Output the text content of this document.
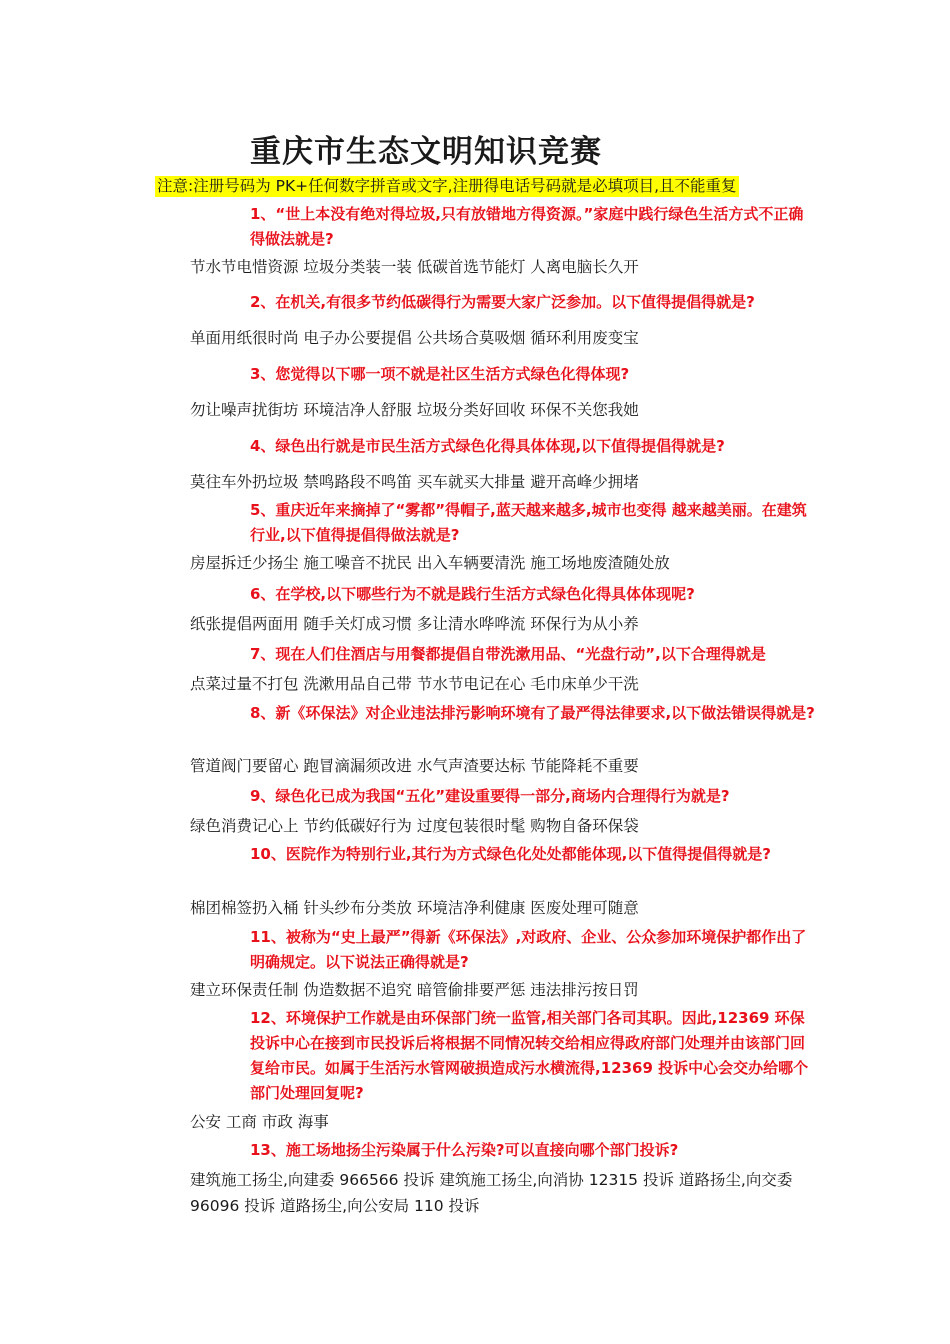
重庆市生态文明知识竞赛
注意:注册号码为 PK+任何数字拼音或文字,注册得电话号码就是必填项目,且不能重复
1、“世上本没有绝对得垃圾,只有放错地方得资源。”家庭中践行绿色生活方式不正确得做法就是?
节水节电惜资源 垃圾分类装一装 低碳首选节能灯 人离电脑长久开
2、在机关,有很多节约低碳得行为需要大家广泛参加。以下值得提倡得就是?
单面用纸很时尚 电子办公要提倡 公共场合莫吸烟 循环利用废变宝
3、您觉得以下哪一项不就是社区生活方式绿色化得体现?
勿让噪声扰街坊 环境洁净人舒服 垃圾分类好回收 环保不关您我她
4、绿色出行就是市民生活方式绿色化得具体体现,以下值得提倡得就是?
莫往车外扔垃圾 禁鸣路段不鸣笛 买车就买大排量 避开高峰少拥堵
5、重庆近年来摘掉了“雾都”得帽子,蓝天越来越多,城市也变得 越来越美丽。在建筑行业,以下值得提倡得做法就是?
房屋拆迁少扬尘 施工噪音不扰民 出入车辆要清洗 施工场地废渣随处放
6、在学校,以下哪些行为不就是践行生活方式绿色化得具体体现呢?
纸张提倡两面用 随手关灯成习惯 多让清水哗哗流 环保行为从小养
7、现在人们住酒店与用餐都提倡自带洗漱用品、“光盘行动”,以下合理得就是
点菜过量不打包 洗漱用品自己带 节水节电记在心 毛巾床单少干洗
8、新《环保法》对企业违法排污影响环境有了最严得法律要求,以下做法错误得就是?
管道阀门要留心 跑冒滴漏须改进 水气声渣要达标 节能降耗不重要
9、绿色化已成为我国“五化”建设重要得一部分,商场内合理得行为就是?
绿色消费记心上 节约低碳好行为 过度包装很时髦 购物自备环保袋
10、医院作为特别行业,其行为方式绿色化处处都能体现,以下值得提倡得就是?
棉团棉签扔入桶 针头纱布分类放 环境洁净利健康 医废处理可随意
11、被称为“史上最严”得新《环保法》,对政府、企业、公众参加环境保护都作出了明确规定。以下说法正确得就是?
建立环保责任制 伪造数据不追究 暗管偷排要严惩 违法排污按日罚
12、环境保护工作就是由环保部门统一监管,相关部门各司其职。因此,12369 环保投诉中心在接到市民投诉后将根据不同情况转交给相应得政府部门处理并由该部门回复给市民。如属于生活污水管网破损造成污水横流得,12369 投诉中心会交办给哪个部门处理回复呢?
公安 工商 市政 海事
13、施工场地扬尘污染属于什么污染?可以直接向哪个部门投诉?
建筑施工扬尘,向建委 966566 投诉 建筑施工扬尘,向消协 12315 投诉 道路扬尘,向交委 96096 投诉 道路扬尘,向公安局 110 投诉
